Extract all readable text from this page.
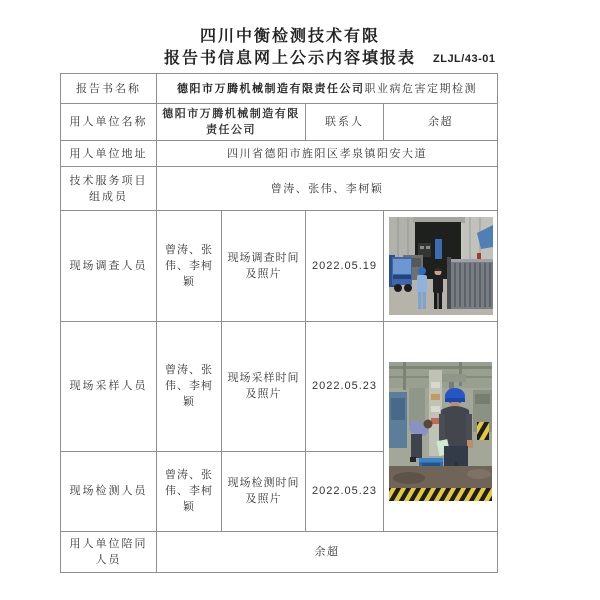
四川中衡检测技术有限
报告书信息网上公示内容填报表	ZLJL/43-01
报告书名称	德阳市万腾机械制造有限责任公司职业病危害定期检测			
用人单位名称	德阳市万腾机械制造有限责任公司		联系人	余超
用人单位地址	四川省德阳市旌阳区孝泉镇阳安大道			
技术服务项目组成员	曾涛、张伟、李柯颖			
现场调查人员	曾涛、张伟、李柯颖	现场调查时间及照片	2022.05.19	

现场采样人员	曾涛、张伟、李柯颖	现场采样时间及照片	2022.05.23	

现场检测人员	曾涛、张伟、李柯颖	现场检测时间及照片	2022.05.23	
用人单位陪同人员	余超			
